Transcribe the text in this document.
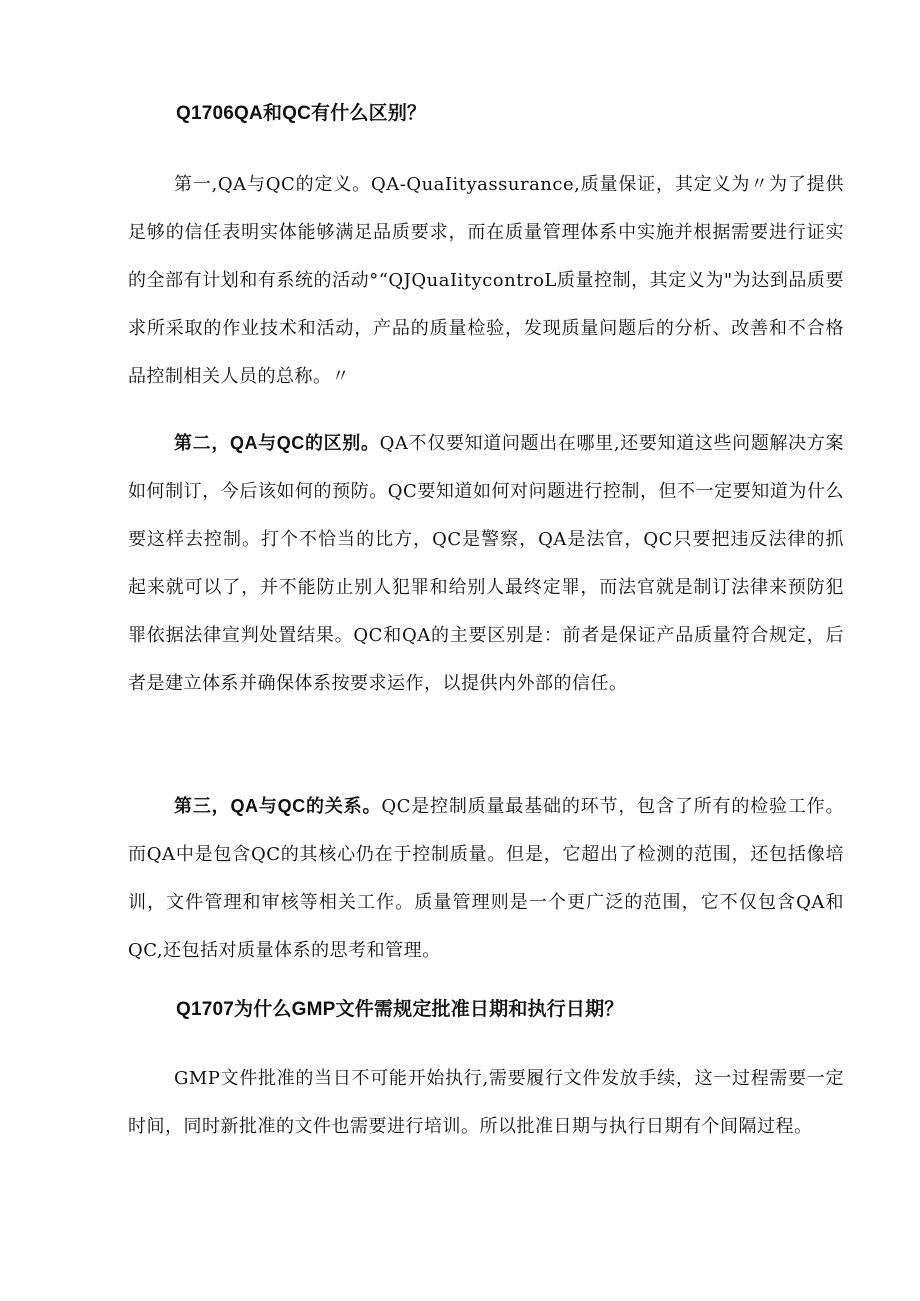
Q1706QA和QC有什么区别？

第一,QA与QC的定义。QA-QuaIityassurance,质量保证，其定义为〃为了提供足够的信任表明实体能够满足品质要求，而在质量管理体系中实施并根据需要进行证实的全部有计划和有系统的活动°“QJQuaIitycontroL质量控制，其定义为"为达到品质要求所采取的作业技术和活动，产品的质量检验，发现质量问题后的分析、改善和不合格品控制相关人员的总称。〃

第二，QA与QC的区别。QA不仅要知道问题出在哪里,还要知道这些问题解决方案如何制订，今后该如何的预防。QC要知道如何对问题进行控制，但不一定要知道为什么要这样去控制。打个不恰当的比方，QC是警察，QA是法官，QC只要把违反法律的抓起来就可以了，并不能防止别人犯罪和给别人最终定罪，而法官就是制订法律来预防犯罪依据法律宣判处置结果。QC和QA的主要区别是：前者是保证产品质量符合规定，后者是建立体系并确保体系按要求运作，以提供内外部的信任。

第三，QA与QC的关系。QC是控制质量最基础的环节，包含了所有的检验工作。而QA中是包含QC的其核心仍在于控制质量。但是，它超出了检测的范围，还包括像培训，文件管理和审核等相关工作。质量管理则是一个更广泛的范围，它不仅包含QA和QC,还包括对质量体系的思考和管理。

Q1707为什么GMP文件需规定批准日期和执行日期？

GMP文件批准的当日不可能开始执行,需要履行文件发放手续，这一过程需要一定时间，同时新批准的文件也需要进行培训。所以批准日期与执行日期有个间隔过程。
